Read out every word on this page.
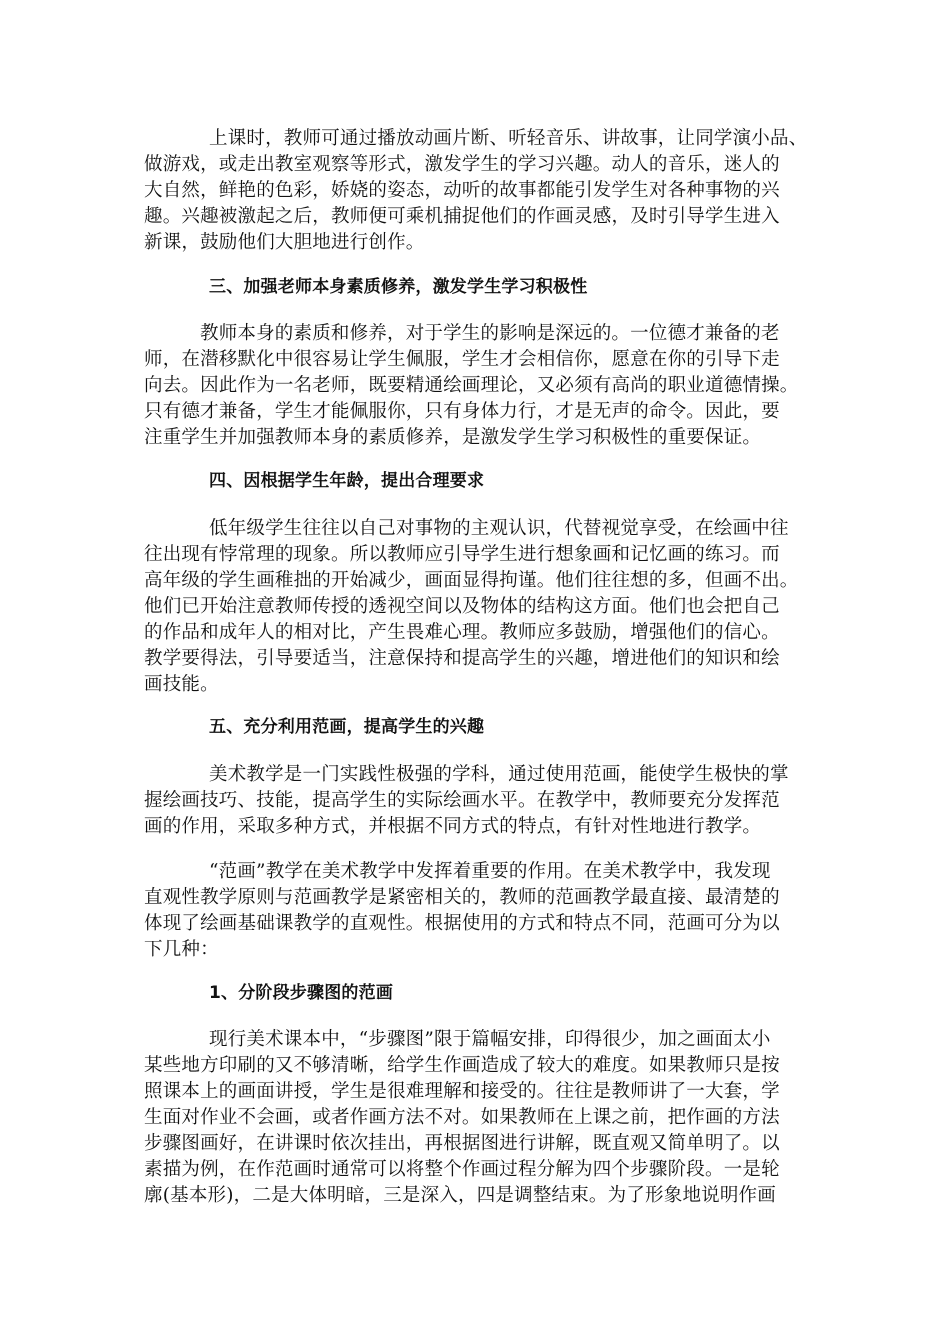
上课时，教师可通过播放动画片断、听轻音乐、讲故事，让同学演小品、
做游戏，或走出教室观察等形式，激发学生的学习兴趣。动人的音乐，迷人的
大自然，鲜艳的色彩，娇娆的姿态，动听的故事都能引发学生对各种事物的兴
趣。兴趣被激起之后，教师便可乘机捕捉他们的作画灵感，及时引导学生进入
新课，鼓励他们大胆地进行创作。
三、加强老师本身素质修养，激发学生学习积极性
教师本身的素质和修养，对于学生的影响是深远的。一位德才兼备的老
师，在潜移默化中很容易让学生佩服，学生才会相信你，愿意在你的引导下走
向去。因此作为一名老师，既要精通绘画理论，又必须有高尚的职业道德情操。
只有德才兼备，学生才能佩服你，只有身体力行，才是无声的命令。因此，要
注重学生并加强教师本身的素质修养，是激发学生学习积极性的重要保证。
四、因根据学生年龄，提出合理要求
低年级学生往往以自己对事物的主观认识，代替视觉享受，在绘画中往
往出现有悖常理的现象。所以教师应引导学生进行想象画和记忆画的练习。而
高年级的学生画稚拙的开始减少，画面显得拘谨。他们往往想的多，但画不出。
他们已开始注意教师传授的透视空间以及物体的结构这方面。他们也会把自己
的作品和成年人的相对比，产生畏难心理。教师应多鼓励，增强他们的信心。
教学要得法，引导要适当，注意保持和提高学生的兴趣，增进他们的知识和绘
画技能。
五、充分利用范画，提高学生的兴趣
美术教学是一门实践性极强的学科，通过使用范画，能使学生极快的掌
握绘画技巧、技能，提高学生的实际绘画水平。在教学中，教师要充分发挥范
画的作用，采取多种方式，并根据不同方式的特点，有针对性地进行教学。
“范画”教学在美术教学中发挥着重要的作用。在美术教学中，我发现
直观性教学原则与范画教学是紧密相关的，教师的范画教学最直接、最清楚的
体现了绘画基础课教学的直观性。根据使用的方式和特点不同，范画可分为以
下几种：
1、分阶段步骤图的范画
现行美术课本中，“步骤图”限于篇幅安排，印得很少，加之画面太小
某些地方印刷的又不够清晰，给学生作画造成了较大的难度。如果教师只是按
照课本上的画面讲授，学生是很难理解和接受的。往往是教师讲了一大套，学
生面对作业不会画，或者作画方法不对。如果教师在上课之前，把作画的方法
步骤图画好，在讲课时依次挂出，再根据图进行讲解，既直观又简单明了。以
素描为例，在作范画时通常可以将整个作画过程分解为四个步骤阶段。一是轮
廓(基本形)，二是大体明暗，三是深入，四是调整结束。为了形象地说明作画
